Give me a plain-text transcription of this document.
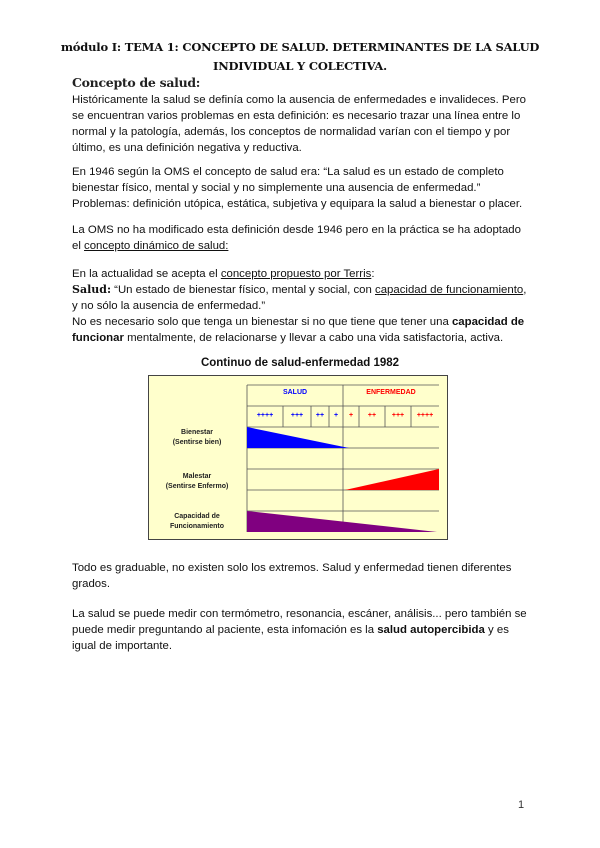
módulo I: TEMA 1: CONCEPTO DE SALUD. DETERMINANTES DE LA SALUD
INDIVIDUAL Y COLECTIVA.
Concepto de salud:
Históricamente la salud se definía como la ausencia de enfermedades e invalideces. Pero se encuentran varios problemas en esta definición: es necesario trazar una línea entre lo normal y la patología, además, los conceptos de normalidad varían con el tiempo y por último, es una definición negativa y reductiva.
En 1946 según la OMS el concepto de salud era: “La salud es un estado de completo bienestar físico, mental y social y no simplemente una ausencia de enfermedad.”
Problemas: definición utópica, estática, subjetiva y equipara la salud a bienestar o placer.
La OMS no ha modificado esta definición desde 1946 pero en la práctica se ha adoptado el concepto dinámico de salud:
En la actualidad se acepta el concepto propuesto por Terris:
Salud: “Un estado de bienestar físico, mental y social, con capacidad de funcionamiento, y no sólo la ausencia de enfermedad.”
No es necesario solo que tenga un bienestar si no que tiene que tener una capacidad de funcionar mentalmente, de relacionarse y llevar a cabo una vida satisfactoria, activa.
Continuo de salud-enfermedad 1982
SALUD	ENFERMEDAD
++++	+++	++	+	+	++	+++	++++
Bienestar
(Sentirse bien)
Malestar
(Sentirse Enfermo)
Capacidad de
Funcionamiento
Todo es graduable, no existen solo los extremos. Salud y enfermedad tienen diferentes grados.
La salud se puede medir con termómetro, resonancia, escáner, análisis... pero también se puede medir preguntando al paciente, esta infomación es la salud autopercibida y es igual de importante.
1
